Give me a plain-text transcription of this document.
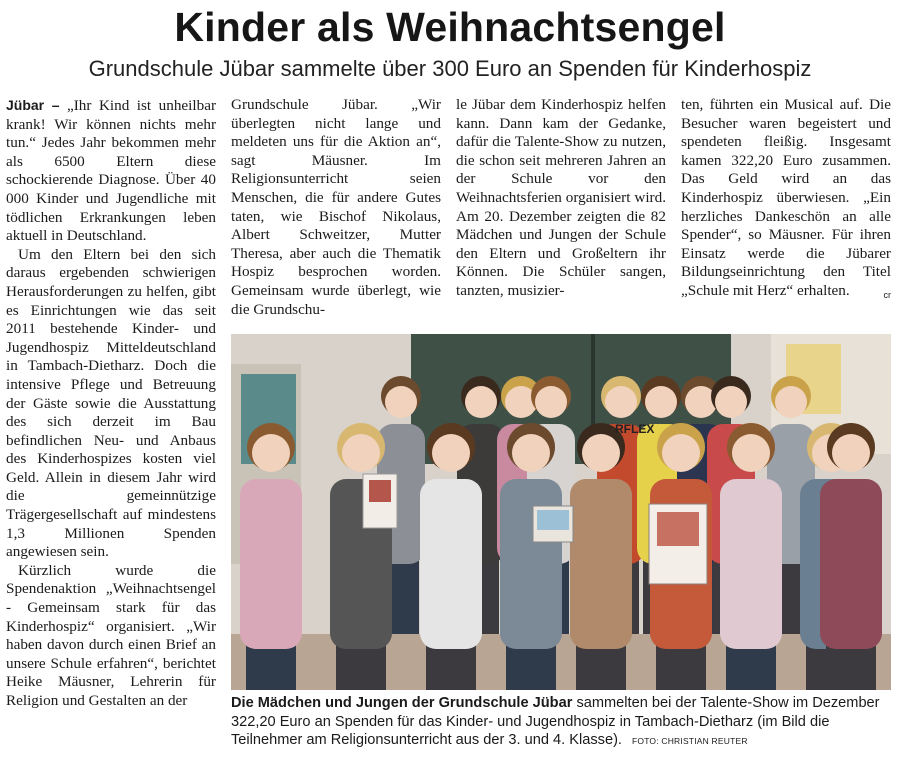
Kinder als Weihnachtsengel
Grundschule Jübar sammelte über 300 Euro an Spenden für Kinderhospiz

Jübar – „Ihr Kind ist unheilbar krank! Wir können nichts mehr tun.“ Jedes Jahr bekommen mehr als 6500 Eltern diese schockierende Diagnose. Über 40 000 Kinder und Jugendliche mit tödlichen Erkrankungen leben aktuell in Deutschland.

Um den Eltern bei den sich daraus ergebenden schwierigen Herausforderungen zu helfen, gibt es Einrichtungen wie das seit 2011 bestehende Kinder- und Jugendhospiz Mitteldeutschland in Tambach-Dietharz. Doch die intensive Pflege und Betreuung der Gäste sowie die Ausstattung des sich derzeit im Bau befindlichen Neu- und Anbaus des Kinderhospizes kosten viel Geld. Allein in diesem Jahr wird die gemeinnützige Trägergesellschaft auf mindestens 1,3 Millionen Spenden angewiesen sein.

Kürzlich wurde die Spendenaktion „Weihnachtsengel - Gemeinsam stark für das Kinderhospiz“ organisiert. „Wir haben davon durch einen Brief an unsere Schule erfahren“, berichtet Heike Mäusner, Lehrerin für Religion und Gestalten an der

Grundschule Jübar. „Wir überlegten nicht lange und meldeten uns für die Aktion an“, sagt Mäusner. Im Religionsunterricht seien Menschen, die für andere Gutes taten, wie Bischof Nikolaus, Albert Schweitzer, Mutter Theresa, aber auch die Thematik Hospiz besprochen worden. Gemeinsam wurde überlegt, wie die Grundschu-

le Jübar dem Kinderhospiz helfen kann. Dann kam der Gedanke, dafür die Talente-Show zu nutzen, die schon seit mehreren Jahren an der Schule vor den Weihnachtsferien organisiert wird. Am 20. Dezember zeigten die 82 Mädchen und Jungen der Schule den Eltern und Großeltern ihr Können. Die Schüler sangen, tanzten, musizier-

ten, führten ein Musical auf. Die Besucher waren begeistert und spendeten fleißig. Insgesamt kamen 322,20 Euro zusammen. Das Geld wird an das Kinderhospiz überwiesen. „Ein herzliches Dankeschön an alle Spender“, so Mäusner. Für ihren Einsatz werde die Jübarer Bildungseinrichtung den Titel „Schule mit Herz“ erhalten.	cr

RFLEX
Die Mädchen und Jungen der Grundschule Jübar sammelten bei der Talente-Show im Dezember 322,20 Euro an Spenden für das Kinder- und Jugendhospiz in Tambach-Dietharz (im Bild die Teilnehmer am Religionsunterricht aus der 3. und 4. Klasse). FOTO: CHRISTIAN REUTER
